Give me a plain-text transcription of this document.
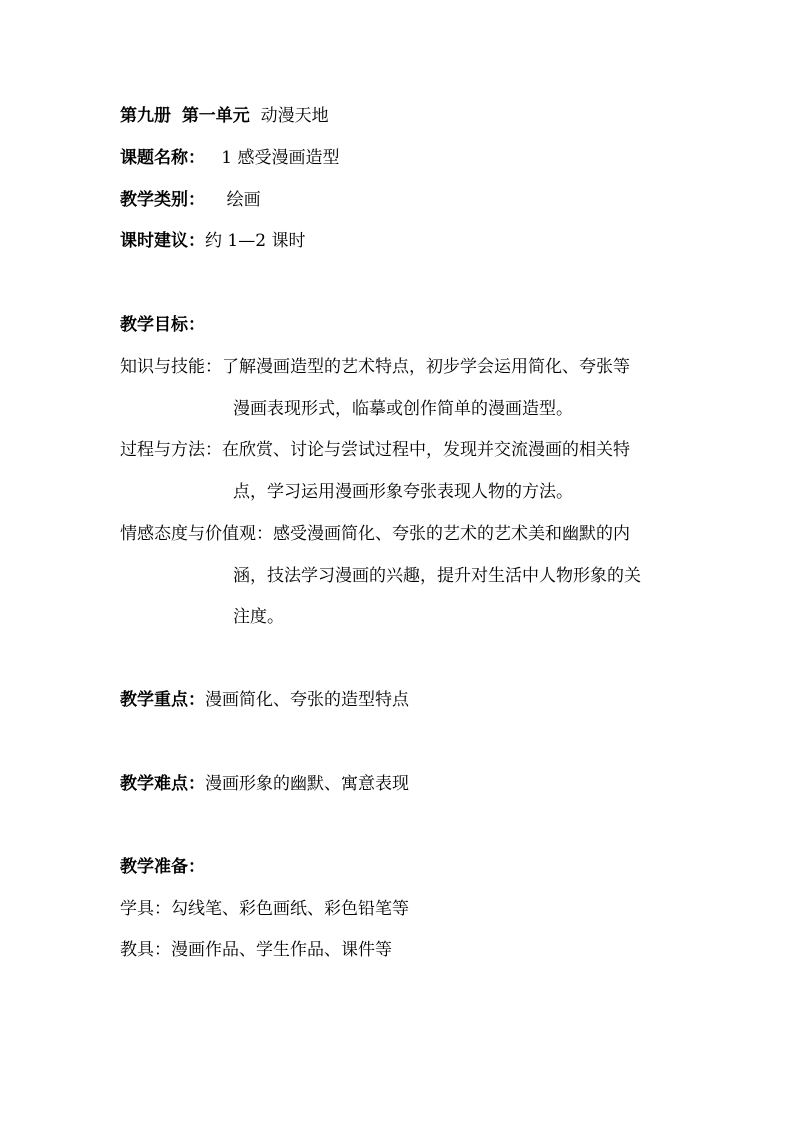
第九册 第一单元 动漫天地
课题名称： 1 感受漫画造型
教学类别： 绘画
课时建议：约 1—2 课时
教学目标：
知识与技能：了解漫画造型的艺术特点，初步学会运用简化、夸张等
漫画表现形式，临摹或创作简单的漫画造型。
过程与方法：在欣赏、讨论与尝试过程中，发现并交流漫画的相关特
点，学习运用漫画形象夸张表现人物的方法。
情感态度与价值观：感受漫画简化、夸张的艺术的艺术美和幽默的内
涵，技法学习漫画的兴趣，提升对生活中人物形象的关
注度。
教学重点：漫画简化、夸张的造型特点
教学难点：漫画形象的幽默、寓意表现
教学准备：
学具：勾线笔、彩色画纸、彩色铅笔等
教具：漫画作品、学生作品、课件等
